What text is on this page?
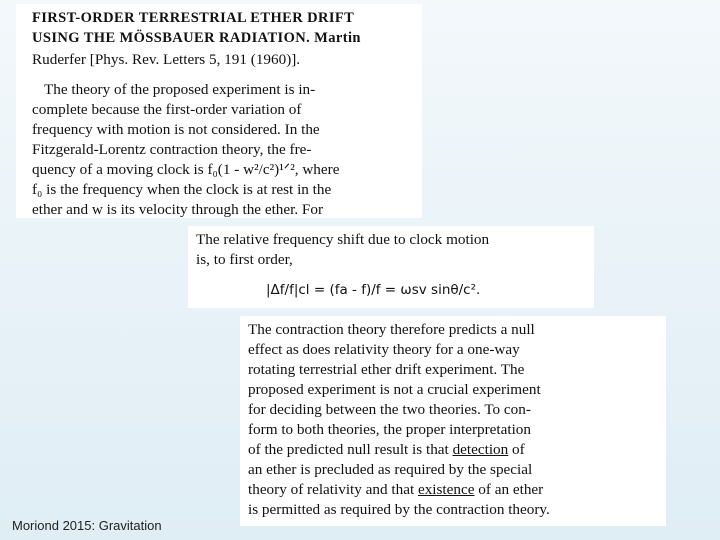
FIRST-ORDER TERRESTRIAL ETHER DRIFT
USING THE MÖSSBAUER RADIATION. Martin
Ruderfer [Phys. Rev. Letters 5, 191 (1960)].
The theory of the proposed experiment is in-
complete because the first-order variation of
frequency with motion is not considered. In the
Fitzgerald-Lorentz contraction theory, the fre-
quency of a moving clock is f₀(1 - w²/c²)¹ᐟ², where
f₀ is the frequency when the clock is at rest in the
ether and w is its velocity through the ether. For
The relative frequency shift due to clock motion
is, to first order,
|Δf/f|cl = (fa - f)/f = ωsv sinθ/c².
The contraction theory therefore predicts a null
effect as does relativity theory for a one-way
rotating terrestrial ether drift experiment. The
proposed experiment is not a crucial experiment
for deciding between the two theories. To con-
form to both theories, the proper interpretation
of the predicted null result is that detection of
an ether is precluded as required by the special
theory of relativity and that existence of an ether
is permitted as required by the contraction theory.
Moriond 2015: Gravitation
